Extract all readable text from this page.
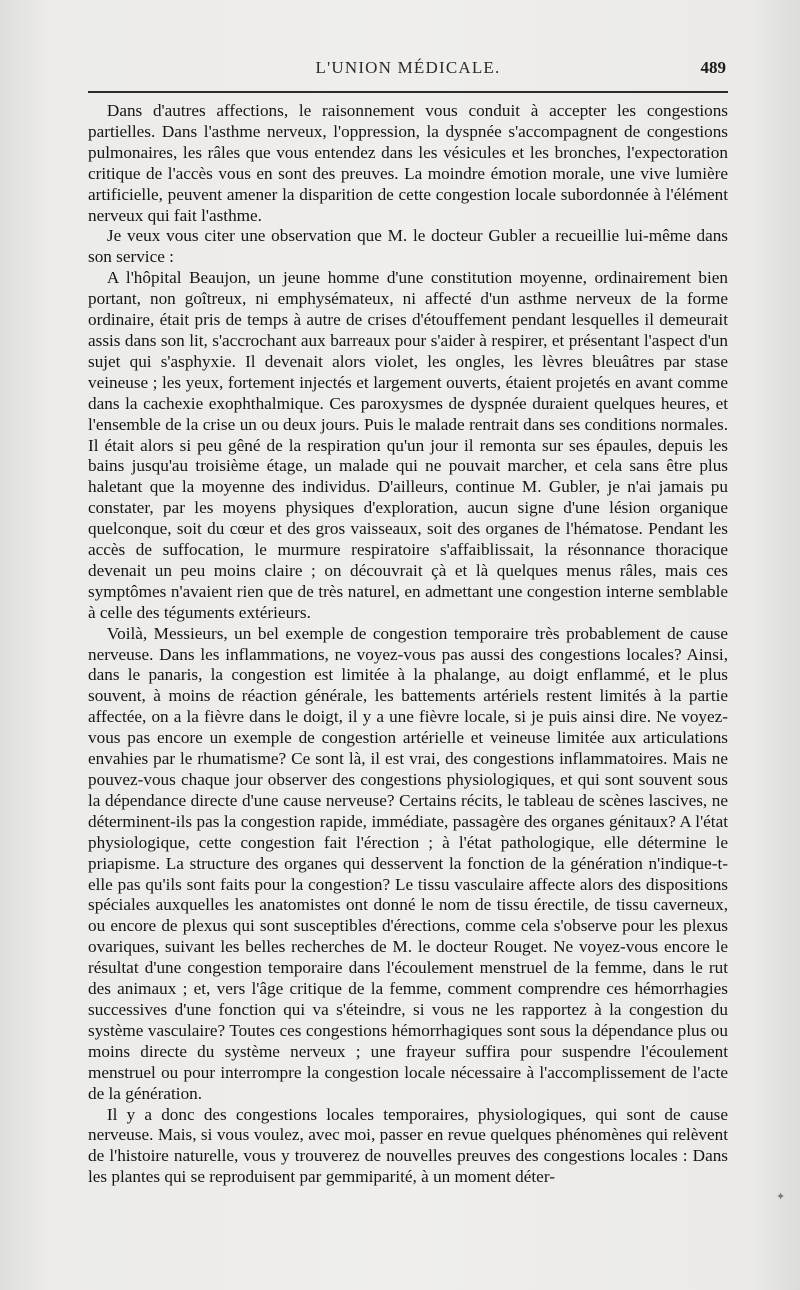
L'UNION MÉDICALE.	489

Dans d'autres affections, le raisonnement vous conduit à accepter les congestions partielles. Dans l'asthme nerveux, l'oppression, la dyspnée s'accompagnent de congestions pulmonaires, les râles que vous entendez dans les vésicules et les bronches, l'expectoration critique de l'accès vous en sont des preuves. La moindre émotion morale, une vive lumière artificielle, peuvent amener la disparition de cette congestion locale subordonnée à l'élément nerveux qui fait l'asthme.

Je veux vous citer une observation que M. le docteur Gubler a recueillie lui-même dans son service :

A l'hôpital Beaujon, un jeune homme d'une constitution moyenne, ordinairement bien portant, non goîtreux, ni emphysémateux, ni affecté d'un asthme nerveux de la forme ordinaire, était pris de temps à autre de crises d'étouffement pendant lesquelles il demeurait assis dans son lit, s'accrochant aux barreaux pour s'aider à respirer, et présentant l'aspect d'un sujet qui s'asphyxie. Il devenait alors violet, les ongles, les lèvres bleuâtres par stase veineuse ; les yeux, fortement injectés et largement ouverts, étaient projetés en avant comme dans la cachexie exophthalmique. Ces paroxysmes de dyspnée duraient quelques heures, et l'ensemble de la crise un ou deux jours. Puis le malade rentrait dans ses conditions normales. Il était alors si peu gêné de la respiration qu'un jour il remonta sur ses épaules, depuis les bains jusqu'au troisième étage, un malade qui ne pouvait marcher, et cela sans être plus haletant que la moyenne des individus. D'ailleurs, continue M. Gubler, je n'ai jamais pu constater, par les moyens physiques d'exploration, aucun signe d'une lésion organique quelconque, soit du cœur et des gros vaisseaux, soit des organes de l'hématose. Pendant les accès de suffocation, le murmure respiratoire s'affaiblissait, la résonnance thoracique devenait un peu moins claire ; on découvrait çà et là quelques menus râles, mais ces symptômes n'avaient rien que de très naturel, en admettant une congestion interne semblable à celle des téguments extérieurs.

Voilà, Messieurs, un bel exemple de congestion temporaire très probablement de cause nerveuse. Dans les inflammations, ne voyez-vous pas aussi des congestions locales? Ainsi, dans le panaris, la congestion est limitée à la phalange, au doigt enflammé, et le plus souvent, à moins de réaction générale, les battements artériels restent limités à la partie affectée, on a la fièvre dans le doigt, il y a une fièvre locale, si je puis ainsi dire. Ne voyez-vous pas encore un exemple de congestion artérielle et veineuse limitée aux articulations envahies par le rhumatisme? Ce sont là, il est vrai, des congestions inflammatoires. Mais ne pouvez-vous chaque jour observer des congestions physiologiques, et qui sont souvent sous la dépendance directe d'une cause nerveuse? Certains récits, le tableau de scènes lascives, ne déterminent-ils pas la congestion rapide, immédiate, passagère des organes génitaux? A l'état physiologique, cette congestion fait l'érection ; à l'état pathologique, elle détermine le priapisme. La structure des organes qui desservent la fonction de la génération n'indique-t-elle pas qu'ils sont faits pour la congestion? Le tissu vasculaire affecte alors des dispositions spéciales auxquelles les anatomistes ont donné le nom de tissu érectile, de tissu caverneux, ou encore de plexus qui sont susceptibles d'érections, comme cela s'observe pour les plexus ovariques, suivant les belles recherches de M. le docteur Rouget. Ne voyez-vous encore le résultat d'une congestion temporaire dans l'écoulement menstruel de la femme, dans le rut des animaux ; et, vers l'âge critique de la femme, comment comprendre ces hémorrhagies successives d'une fonction qui va s'éteindre, si vous ne les rapportez à la congestion du système vasculaire? Toutes ces congestions hémorrhagiques sont sous la dépendance plus ou moins directe du système nerveux ; une frayeur suffira pour suspendre l'écoulement menstruel ou pour interrompre la congestion locale nécessaire à l'accomplissement de l'acte de la génération.

Il y a donc des congestions locales temporaires, physiologiques, qui sont de cause nerveuse. Mais, si vous voulez, avec moi, passer en revue quelques phénomènes qui relèvent de l'histoire naturelle, vous y trouverez de nouvelles preuves des congestions locales : Dans les plantes qui se reproduisent par gemmiparité, à un moment déter-

✦
